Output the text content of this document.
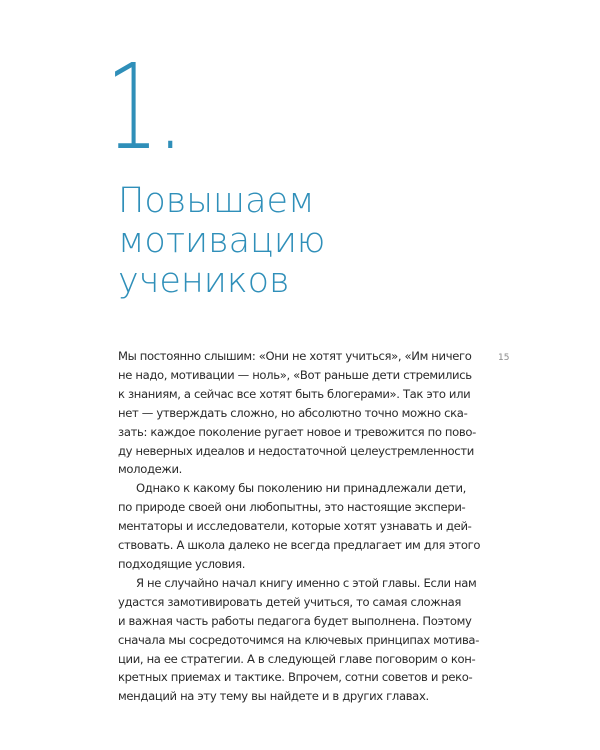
1.
Повышаем
мотивацию
учеников
15
Мы постоянно слышим: «Они не хотят учиться», «Им ничего
не надо, мотивации — ноль», «Вот раньше дети стремились
к знаниям, а сейчас все хотят быть блогерами». Так это или
нет — утверждать сложно, но абсолютно точно можно ска-
зать: каждое поколение ругает новое и тревожится по пово-
ду неверных идеалов и недостаточной целеустремленности
молодежи.
Однако к какому бы поколению ни принадлежали дети,
по природе своей они любопытны, это настоящие экспери-
ментаторы и исследователи, которые хотят узнавать и дей-
ствовать. А школа далеко не всегда предлагает им для этого
подходящие условия.
Я не случайно начал книгу именно с этой главы. Если нам
удастся замотивировать детей учиться, то самая сложная
и важная часть работы педагога будет выполнена. Поэтому
сначала мы сосредоточимся на ключевых принципах мотива-
ции, на ее стратегии. А в следующей главе поговорим о кон-
кретных приемах и тактике. Впрочем, сотни советов и реко-
мендаций на эту тему вы найдете и в других главах.
